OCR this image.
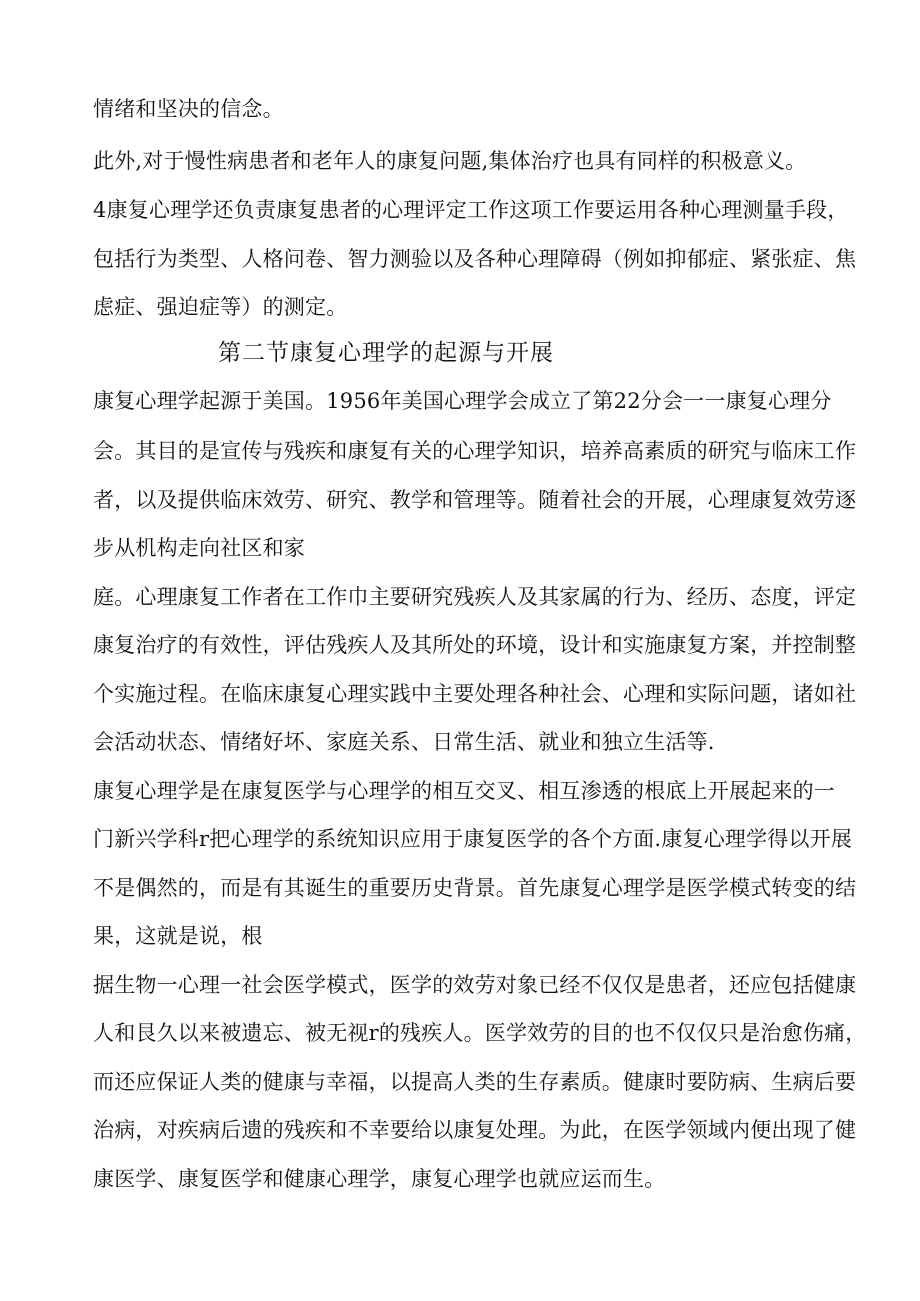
情绪和坚决的信念。
此外,对于慢性病患者和老年人的康复问题,集体治疗也具有同样的积极意义。
4康复心理学还负责康复患者的心理评定工作这项工作要运用各种心理测量手段，
包括行为类型、人格问卷、智力测验以及各种心理障碍（例如抑郁症、紧张症、焦
虑症、强迫症等）的测定。
第二节康复心理学的起源与开展
康复心理学起源于美国。1956年美国心理学会成立了第22分会一一康复心理分
会。其目的是宣传与残疾和康复有关的心理学知识，培养高素质的研究与临床工作
者，以及提供临床效劳、研究、教学和管理等。随着社会的开展，心理康复效劳逐
步从机构走向社区和家
庭。心理康复工作者在工作巾主要研究残疾人及其家属的行为、经历、态度，评定
康复治疗的有效性，评估残疾人及其所处的环境，设计和实施康复方案，并控制整
个实施过程。在临床康复心理实践中主要处理各种社会、心理和实际问题，诸如社
会活动状态、情绪好坏、家庭关系、日常生活、就业和独立生活等.
康复心理学是在康复医学与心理学的相互交叉、相互渗透的根底上开展起来的一
门新兴学科r把心理学的系统知识应用于康复医学的各个方面.康复心理学得以开展
不是偶然的，而是有其诞生的重要历史背景。首先康复心理学是医学模式转变的结
果，这就是说，根
据生物一心理一社会医学模式，医学的效劳对象已经不仅仅是患者，还应包括健康
人和艮久以来被遗忘、被无视r的残疾人。医学效劳的目的也不仅仅只是治愈伤痛，
而还应保证人类的健康与幸福，以提高人类的生存素质。健康时要防病、生病后要
治病，对疾病后遗的残疾和不幸要给以康复处理。为此，在医学领域内便出现了健
康医学、康复医学和健康心理学，康复心理学也就应运而生。
